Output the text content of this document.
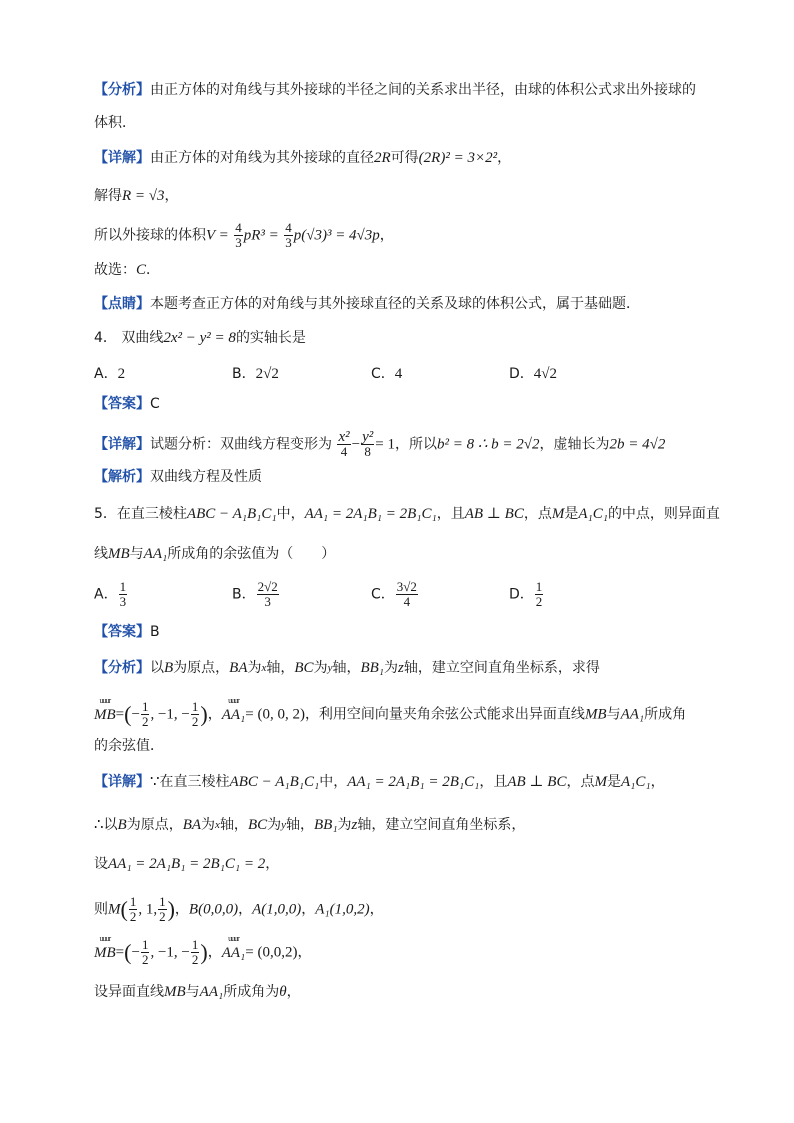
【分析】由正方体的对角线与其外接球的半径之间的关系求出半径，由球的体积公式求出外接球的
体积．
【详解】由正方体的对角线为其外接球的直径2R可得(2R)² = 3×2²，
解得R = √3，
所以外接球的体积$V = \frac{4}{3} pR^3 = \frac{4}{3} p(√3)^3 = 4√3p$，
故选：C．
【点睛】本题考查正方体的对角线与其外接球直径的关系及球的体积公式，属于基础题．
4． 双曲线2x² − y² = 8的实轴长是
A．2	B．2√2	C．4	D．4√2
【答案】C
【详解】试题分析：双曲线方程变形为 $\frac{\text{x²}}{4} - \frac{\text{y²}}{8} = 1$，所以b² = 8 ∴ b = 2√2，虚轴长为2b = 4√2
【解析】双曲线方程及性质
5．在直三棱柱ABC − A₁B₁C₁中，AA₁ = 2A₁B₁ = 2B₁C₁，且AB ⊥ BC，点M是A₁C₁的中点，则异面直
线MB与AA₁所成角的余弦值为（　　）
A． $\frac{1}{3}$	B． $\frac{2√2}{3}$	C． $\frac{3√2}{4}$	D． $\frac{1}{2}$
【答案】B
【分析】以B为原点，BA为$^x$轴，BC为$^y$轴，BB₁为z轴，建立空间直角坐标系，求得
uuur
$MB=(- \frac{1}{2}$ , −1, − $\frac{1}{2}$ )，
uuur
AA₁= (0, 0, 2)，利用空间向量夹角余弦公式能求出异面直线MB与AA₁所成角
的余弦值．
【详解】∵在直三棱柱ABC − A₁B₁C₁中，AA₁ = 2A₁B₁ = 2B₁C₁，且AB ⊥ BC，点M是A₁C₁，
∴以B为原点，BA为$^x$轴，BC为$^y$轴，BB₁为z轴，建立空间直角坐标系，
设AA₁ = 2A₁B₁ = 2B₁C₁ = 2，
则$M( \frac{1}{2}$ , 1, $\frac{1}{2}$ )，B(0,0,0)，A(1,0,0)，A₁(1,0,2)，
uuur
$MB=(- \frac{1}{2}$ , −1, − $\frac{1}{2}$ )，
uuur
AA₁= (0,0,2)，
设异面直线MB与AA₁所成角为θ，
